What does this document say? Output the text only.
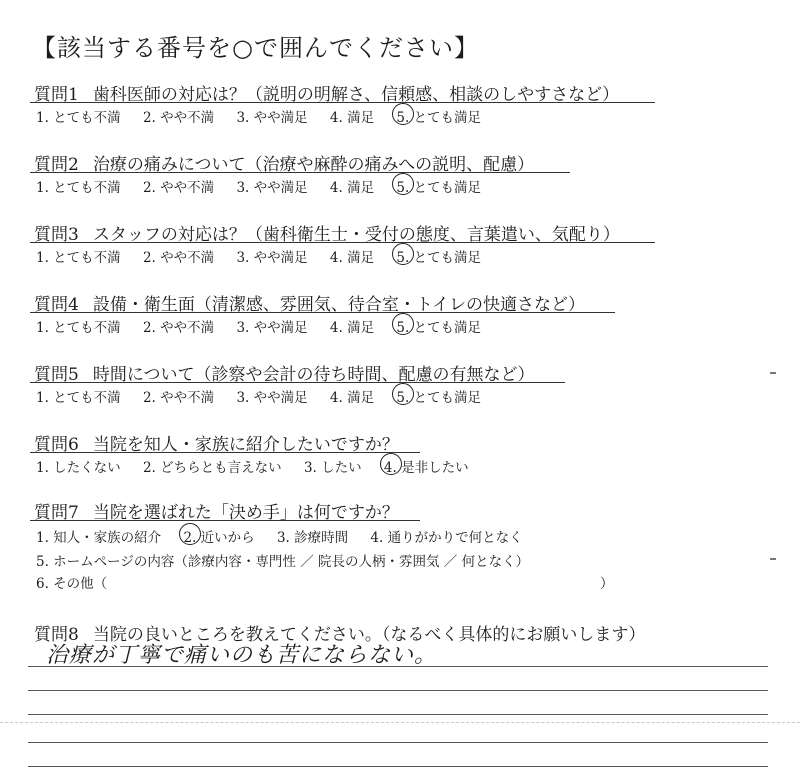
【該当する番号を○で囲んでください】
質問1 歯科医師の対応は？（説明の明解さ、信頼感、相談のしやすさなど）
1. とても不満 2. やや不満 3. やや満足 4. 満足 5. とても満足
質問2 治療の痛みについて（治療や麻酔の痛みへの説明、配慮）
1. とても不満 2. やや不満 3. やや満足 4. 満足 5. とても満足
質問3 スタッフの対応は？（歯科衛生士・受付の態度、言葉遣い、気配り）
1. とても不満 2. やや不満 3. やや満足 4. 満足 5. とても満足
質問4 設備・衛生面（清潔感、雰囲気、待合室・トイレの快適さなど）
1. とても不満 2. やや不満 3. やや満足 4. 満足 5. とても満足
質問5 時間について（診察や会計の待ち時間、配慮の有無など）
1. とても不満 2. やや不満 3. やや満足 4. 満足 5. とても満足
質問6 当院を知人・家族に紹介したいですか？
1. したくない 2. どちらとも言えない 3. したい 4. 是非したい
質問7 当院を選ばれた「決め手」は何ですか？
1. 知人・家族の紹介 2. 近いから 3. 診療時間 4. 通りがかりで何となく
5. ホームページの内容（診療内容・専門性 ／ 院長の人柄・雰囲気 ／ 何となく）
6. その他（	）
質問8 当院の良いところを教えてください。（なるべく具体的にお願いします）
治療が丁寧で痛いのも苦にならない。
